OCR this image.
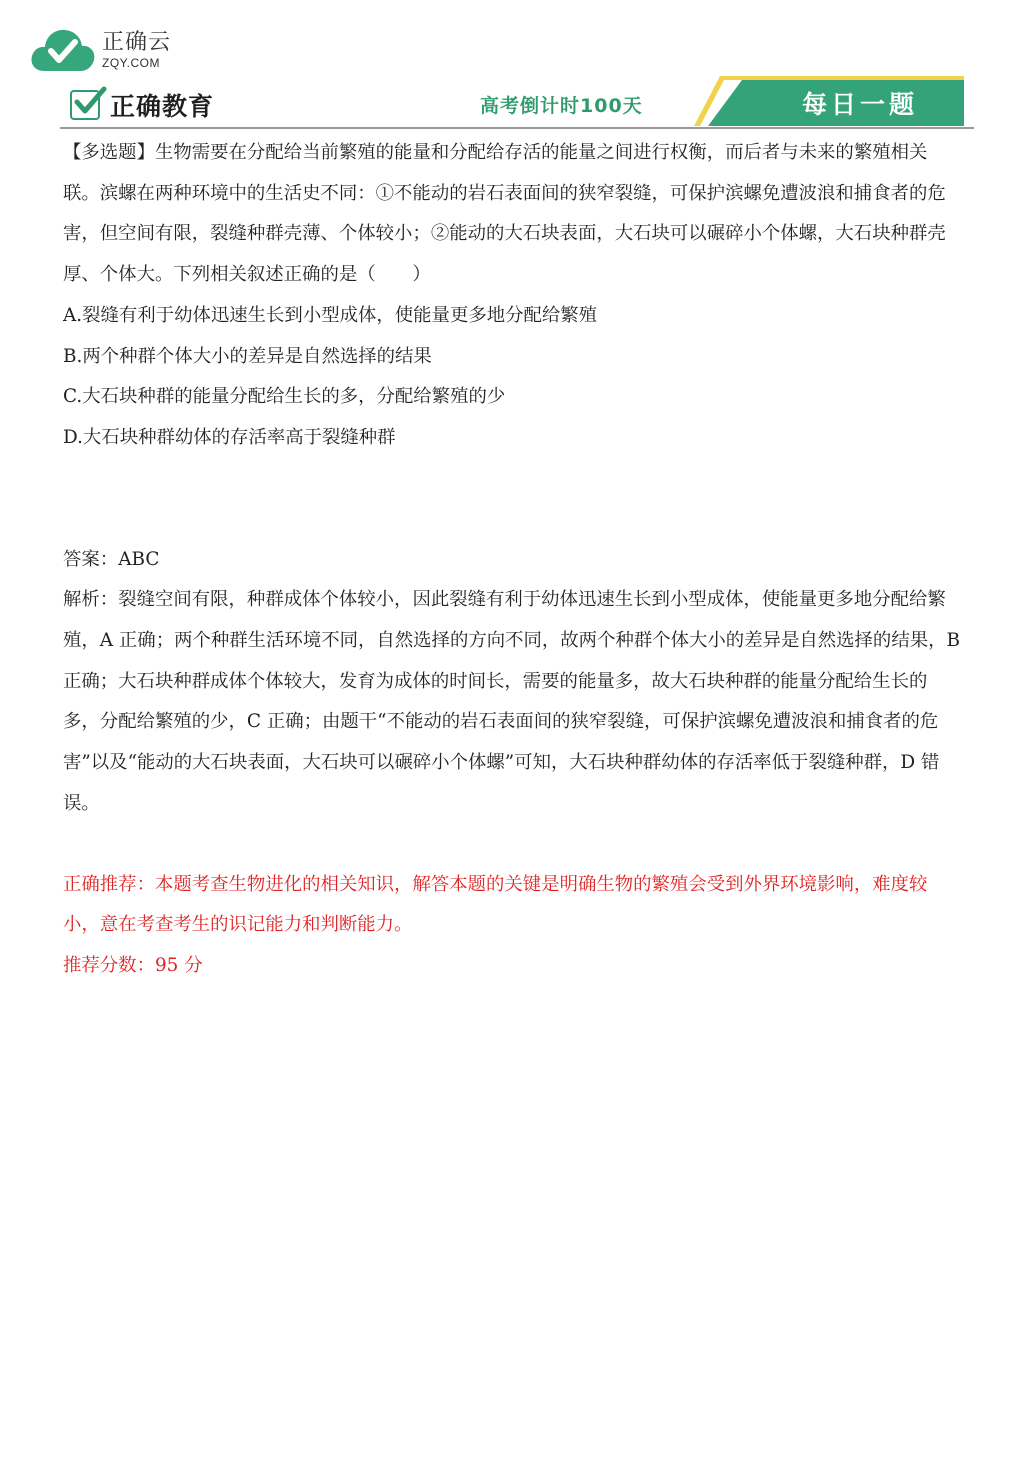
正确云
ZQY.COM
正确教育	高考倒计时100天	每日一题

【多选题】生物需要在分配给当前繁殖的能量和分配给存活的能量之间进行权衡，而后者与未来的繁殖相关联。滨螺在两种环境中的生活史不同：①不能动的岩石表面间的狭窄裂缝，可保护滨螺免遭波浪和捕食者的危害，但空间有限，裂缝种群壳薄、个体较小；②能动的大石块表面，大石块可以碾碎小个体螺，大石块种群壳厚、个体大。下列相关叙述正确的是（　　）

A.裂缝有利于幼体迅速生长到小型成体，使能量更多地分配给繁殖

B.两个种群个体大小的差异是自然选择的结果

C.大石块种群的能量分配给生长的多，分配给繁殖的少

D.大石块种群幼体的存活率高于裂缝种群

答案：ABC

解析：裂缝空间有限，种群成体个体较小，因此裂缝有利于幼体迅速生长到小型成体，使能量更多地分配给繁殖，A 正确；两个种群生活环境不同，自然选择的方向不同，故两个种群个体大小的差异是自然选择的结果，B 正确；大石块种群成体个体较大，发育为成体的时间长，需要的能量多，故大石块种群的能量分配给生长的多，分配给繁殖的少，C 正确；由题干“不能动的岩石表面间的狭窄裂缝，可保护滨螺免遭波浪和捕食者的危害”以及“能动的大石块表面，大石块可以碾碎小个体螺”可知，大石块种群幼体的存活率低于裂缝种群，D 错误。

正确推荐：本题考查生物进化的相关知识，解答本题的关键是明确生物的繁殖会受到外界环境影响，难度较小，意在考查考生的识记能力和判断能力。

推荐分数：95 分
